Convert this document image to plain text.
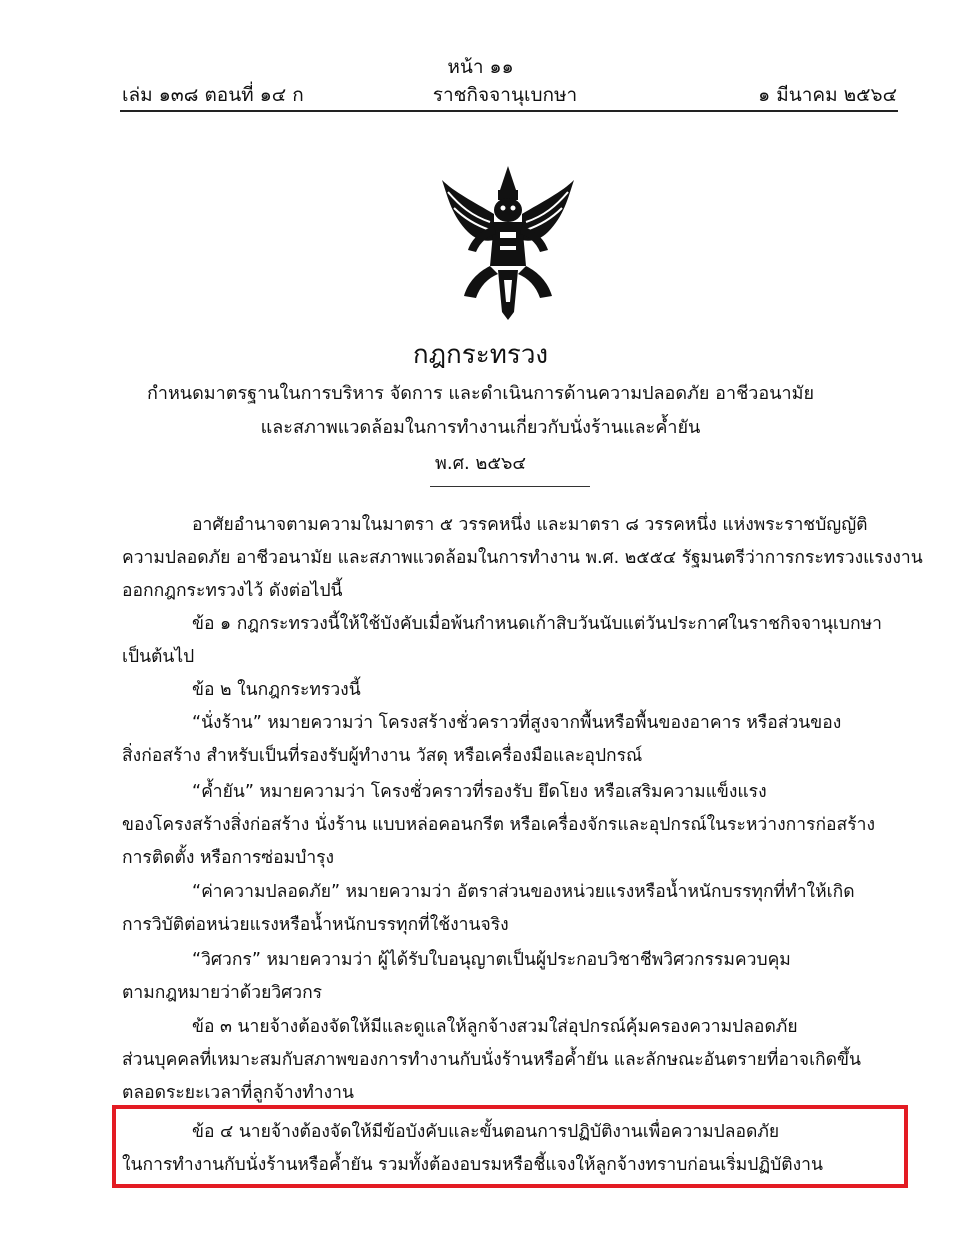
หน้า ๑๑
เล่ม ๑๓๘ ตอนที่ ๑๔ ก	ราชกิจจานุเบกษา	๑ มีนาคม ๒๕๖๔
กฎกระทรวง
กำหนดมาตรฐานในการบริหาร จัดการ และดำเนินการด้านความปลอดภัย อาชีวอนามัย
และสภาพแวดล้อมในการทำงานเกี่ยวกับนั่งร้านและค้ำยัน
พ.ศ. ๒๕๖๔
อาศัยอำนาจตามความในมาตรา ๕ วรรคหนึ่ง และมาตรา ๘ วรรคหนึ่ง แห่งพระราชบัญญัติ
ความปลอดภัย อาชีวอนามัย และสภาพแวดล้อมในการทำงาน พ.ศ. ๒๕๕๔ รัฐมนตรีว่าการกระทรวงแรงงาน
ออกกฎกระทรวงไว้ ดังต่อไปนี้
ข้อ ๑ กฎกระทรวงนี้ให้ใช้บังคับเมื่อพ้นกำหนดเก้าสิบวันนับแต่วันประกาศในราชกิจจานุเบกษา
เป็นต้นไป
ข้อ ๒ ในกฎกระทรวงนี้
“นั่งร้าน” หมายความว่า โครงสร้างชั่วคราวที่สูงจากพื้นหรือพื้นของอาคาร หรือส่วนของ
สิ่งก่อสร้าง สำหรับเป็นที่รองรับผู้ทำงาน วัสดุ หรือเครื่องมือและอุปกรณ์
“ค้ำยัน” หมายความว่า โครงชั่วคราวที่รองรับ ยึดโยง หรือเสริมความแข็งแรง
ของโครงสร้างสิ่งก่อสร้าง นั่งร้าน แบบหล่อคอนกรีต หรือเครื่องจักรและอุปกรณ์ในระหว่างการก่อสร้าง
การติดตั้ง หรือการซ่อมบำรุง
“ค่าความปลอดภัย” หมายความว่า อัตราส่วนของหน่วยแรงหรือน้ำหนักบรรทุกที่ทำให้เกิด
การวิบัติต่อหน่วยแรงหรือน้ำหนักบรรทุกที่ใช้งานจริง
“วิศวกร” หมายความว่า ผู้ได้รับใบอนุญาตเป็นผู้ประกอบวิชาชีพวิศวกรรมควบคุม
ตามกฎหมายว่าด้วยวิศวกร
ข้อ ๓ นายจ้างต้องจัดให้มีและดูแลให้ลูกจ้างสวมใส่อุปกรณ์คุ้มครองความปลอดภัย
ส่วนบุคคลที่เหมาะสมกับสภาพของการทำงานกับนั่งร้านหรือค้ำยัน และลักษณะอันตรายที่อาจเกิดขึ้น
ตลอดระยะเวลาที่ลูกจ้างทำงาน
ข้อ ๔ นายจ้างต้องจัดให้มีข้อบังคับและขั้นตอนการปฏิบัติงานเพื่อความปลอดภัย
ในการทำงานกับนั่งร้านหรือค้ำยัน รวมทั้งต้องอบรมหรือชี้แจงให้ลูกจ้างทราบก่อนเริ่มปฏิบัติงาน
